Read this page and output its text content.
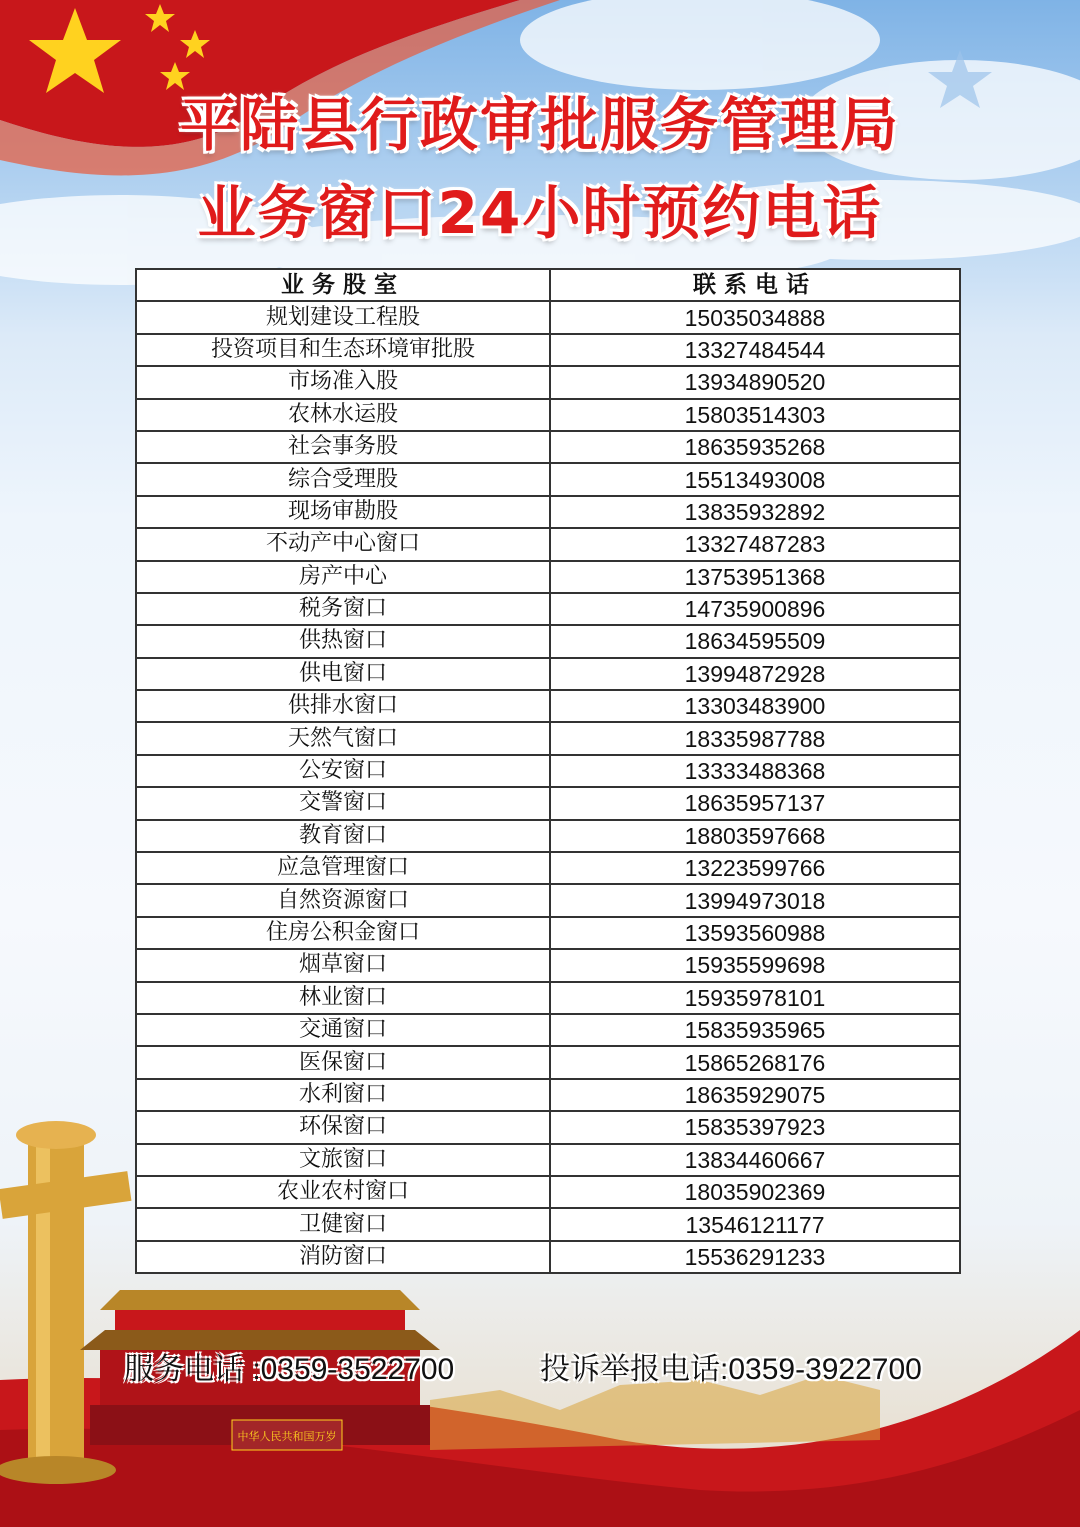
中华人民共和国万岁
平陆县行政审批服务管理局
业务窗口24小时预约电话
业务股室	联系电话
规划建设工程股	15035034888
投资项目和生态环境审批股	13327484544
市场准入股	13934890520
农林水运股	15803514303
社会事务股	18635935268
综合受理股	15513493008
现场审勘股	13835932892
不动产中心窗口	13327487283
房产中心	13753951368
税务窗口	14735900896
供热窗口	18634595509
供电窗口	13994872928
供排水窗口	13303483900
天然气窗口	18335987788
公安窗口	13333488368
交警窗口	18635957137
教育窗口	18803597668
应急管理窗口	13223599766
自然资源窗口	13994973018
住房公积金窗口	13593560988
烟草窗口	15935599698
林业窗口	15935978101
交通窗口	15835935965
医保窗口	15865268176
水利窗口	18635929075
环保窗口	15835397923
文旅窗口	13834460667
农业农村窗口	18035902369
卫健窗口	13546121177
消防窗口	15536291233
服务电话 :0359-3522700	投诉举报电话:0359-3922700
